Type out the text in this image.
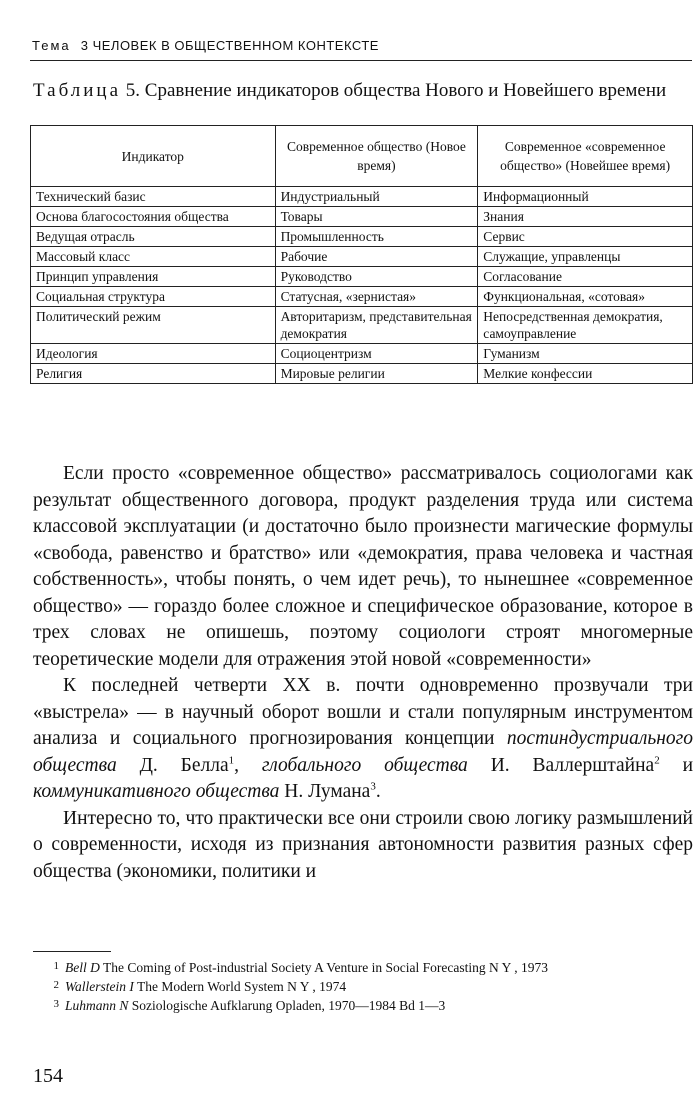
Тема 3 ЧЕЛОВЕК В ОБЩЕСТВЕННОМ КОНТЕКСТЕ
Таблица 5. Сравнение индикаторов общества Нового и Новейшего времени
Индикатор	Современное общество (Новое время)	Современное «современное общество» (Новейшее время)
Технический базис	Индустриальный	Информационный
Основа благосостояния общества	Товары	Знания
Ведущая отрасль	Промышленность	Сервис
Массовый класс	Рабочие	Служащие, управленцы
Принцип управления	Руководство	Согласование
Социальная структура	Статусная, «зернистая»	Функциональная, «сотовая»
Политический режим	Авторитаризм, представительная демократия	Непосредственная демократия, самоуправление
Идеология	Социоцентризм	Гуманизм
Религия	Мировые религии	Мелкие конфессии

Если просто «современное общество» рассматривалось социологами как результат общественного договора, продукт разделения труда или система классовой эксплуатации (и достаточно было произнести магические формулы «свобода, равенство и братство» или «демократия, права человека и частная собственность», чтобы понять, о чем идет речь), то нынешнее «современное общество» — гораздо более сложное и специфическое образование, которое в трех словах не опишешь, поэтому социологи строят многомерные теоретические модели для отражения этой новой «современности»

К последней четверти XX в. почти одновременно прозвучали три «выстрела» — в научный оборот вошли и стали популярным инструментом анализа и социального прогнозирования концепции постиндустриального общества Д. Белла$^1$, глобального общества И. Валлерштайна$^2$ и коммуникативного общества Н. Лумана$^3$.

Интересно то, что практически все они строили свою логику размышлений о современности, исходя из признания автономности развития разных сфер общества (экономики, политики и

1 Bell D The Coming of Post-industrial Society A Venture in Social Forecasting N Y , 1973
2 Wallerstein I The Modern World System N Y , 1974
3 Luhmann N Soziologische Aufklarung Opladen, 1970—1984 Bd 1—3
154
